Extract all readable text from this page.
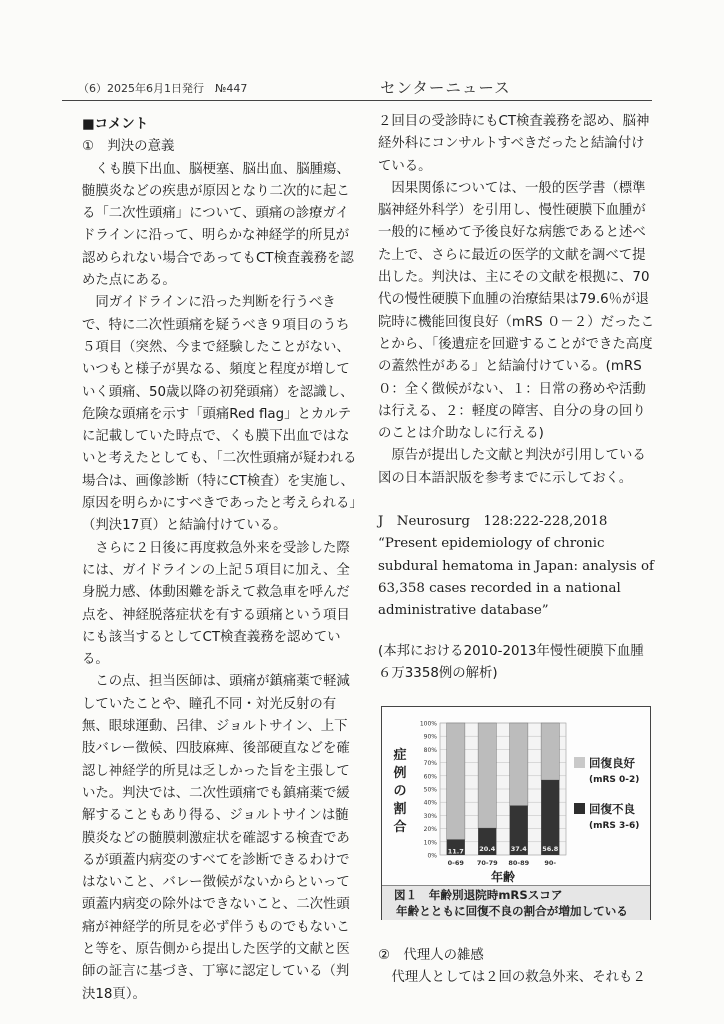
（6）2025年6月1日発行　№447	センターニュース

■コメント

①　判決の意義

くも膜下出血、脳梗塞、脳出血、脳腫瘍、髄膜炎などの疾患が原因となり二次的に起こる「二次性頭痛」について、頭痛の診療ガイドラインに沿って、明らかな神経学的所見が認められない場合であってもCT検査義務を認めた点にある。

同ガイドラインに沿った判断を行うべきで、特に二次性頭痛を疑うべき９項目のうち５項目（突然、今まで経験したことがない、いつもと様子が異なる、頻度と程度が増していく頭痛、50歳以降の初発頭痛）を認識し、危険な頭痛を示す「頭痛Red flag」とカルテに記載していた時点で、くも膜下出血ではないと考えたとしても、「二次性頭痛が疑われる場合は、画像診断（特にCT検査）を実施し、原因を明らかにすべきであったと考えられる」（判決17頁）と結論付けている。

さらに２日後に再度救急外来を受診した際には、ガイドラインの上記５項目に加え、全身脱力感、体動困難を訴えて救急車を呼んだ点を、神経脱落症状を有する頭痛という項目にも該当するとしてCT検査義務を認めている。

この点、担当医師は、頭痛が鎮痛薬で軽減していたことや、瞳孔不同・対光反射の有無、眼球運動、呂律、ジョルトサイン、上下肢バレー徴候、四肢麻痺、後部硬直などを確認し神経学的所見は乏しかった旨を主張していた。判決では、二次性頭痛でも鎮痛薬で緩解することもあり得る、ジョルトサインは髄膜炎などの髄膜刺激症状を確認する検査であるが頭蓋内病変のすべてを診断できるわけではないこと、バレー徴候がないからといって頭蓋内病変の除外はできないこと、二次性頭痛が神経学的所見を必ず伴うものでもないこと等を、原告側から提出した医学的文献と医師の証言に基づき、丁寧に認定している（判決18頁）。

２回目の受診時にもCT検査義務を認め、脳神経外科にコンサルトすべきだったと結論付けている。

因果関係については、一般的医学書（標準脳神経外科学）を引用し、慢性硬膜下血腫が一般的に極めて予後良好な病態であると述べた上で、さらに最近の医学的文献を調べて提出した。判決は、主にその文献を根拠に、70代の慢性硬膜下血腫の治療結果は79.6％が退院時に機能回復良好（mRS ０－２）だったことから、「後遺症を回避することができた高度の蓋然性がある」と結論付けている。(mRS ０：全く徴候がない、１：日常の務めや活動は行える、２：軽度の障害、自分の身の回りのことは介助なしに行える)

原告が提出した文献と判決が引用している図の日本語訳版を参考までに示しておく。

J　Neurosurg　128:222-228,2018

“Present epidemiology of chronic subdural hematoma in Japan: analysis of 63,358 cases recorded in a national administrative database”

(本邦における2010-2013年慢性硬膜下血腫６万3358例の解析)

症
例
の
割
合
0%
10%
20%
30%
40%
50%
60%
70%
80%
90%
100%
11.7
0-69
20.4
70-79
37.4
80-89
56.8
90-
年齢
回復良好
(mRS 0-2)
回復不良
(mRS 3-6)
図１　年齢別退院時mRSスコア
年齢とともに回復不良の割合が増加している

②　代理人の雑感

代理人としては２回の救急外来、それも２
